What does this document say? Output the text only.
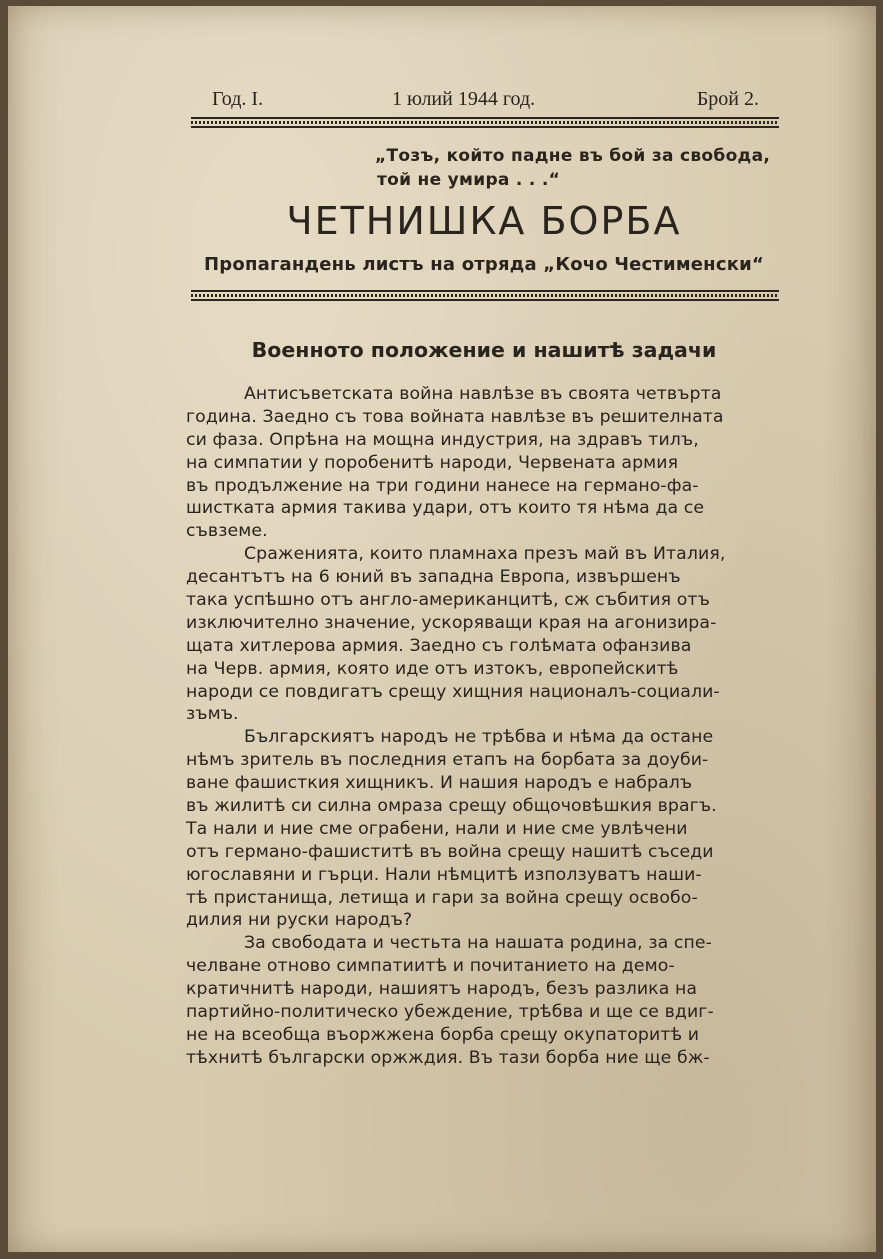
Год. I.	1 юлий 1944 год.	Брой 2.
„Тозъ, който падне въ бой за свобода,
той не умира . . .“
ЧЕТНИШКА БОРБА
Пропагандень листъ на отряда „Кочо Честименски“
Военното положение и нашитѣ задачи
Антисъветската война навлѣзе въ своята четвърта
година. Заедно съ това войната навлѣзе въ решителната
си фаза. Опрѣна на мощна индустрия, на здравъ тилъ,
на симпатии у поробенитѣ народи, Червената армия
въ продължение на три години нанесе на германо-фа-
шисткатa армия такива удари, отъ които тя нѣма да се
съвземе.
Сраженията, които пламнаха презъ май въ Италия,
десантътъ на 6 юний въ западна Европа, извършенъ
така успѣшно отъ англо-американцитѣ, сж събития отъ
изключително значение, ускоряващи края на агонизира-
щата хитлерова армия. Заедно съ голѣмата офанзива
на Черв. армия, която иде отъ изтокъ, европейскитѣ
народи се повдигатъ срещу хищния националъ-социали-
зъмъ.
Българскиятъ народъ не трѣбва и нѣма да остане
нѣмъ зритель въ последния етапъ на борбата за доуби-
ване фашисткия хищникъ. И нашия народъ е набралъ
въ жилитѣ си силна омраза срещу общочовѣшкия врагъ.
Та нали и ние сме ограбени, нали и ние сме увлѣчени
отъ германо-фашиститѣ въ война срещу нашитѣ съседи
югославяни и гърци. Нали нѣмцитѣ използуватъ наши-
тѣ пристанища, летища и гари за война срещу освобо-
дилия ни руски народъ?
За свободата и честьта на нашата родина, за спе-
челване отново симпатиитѣ и почитанието на демо-
кратичнитѣ народи, нашиятъ народъ, безъ разлика на
партийно-политическо убеждение, трѣбва и ще се вдиг-
не на всеобща въоржжена борба срещу окупаторитѣ и
тѣхнитѣ български оржждия. Въ тази борба ние ще бж-
